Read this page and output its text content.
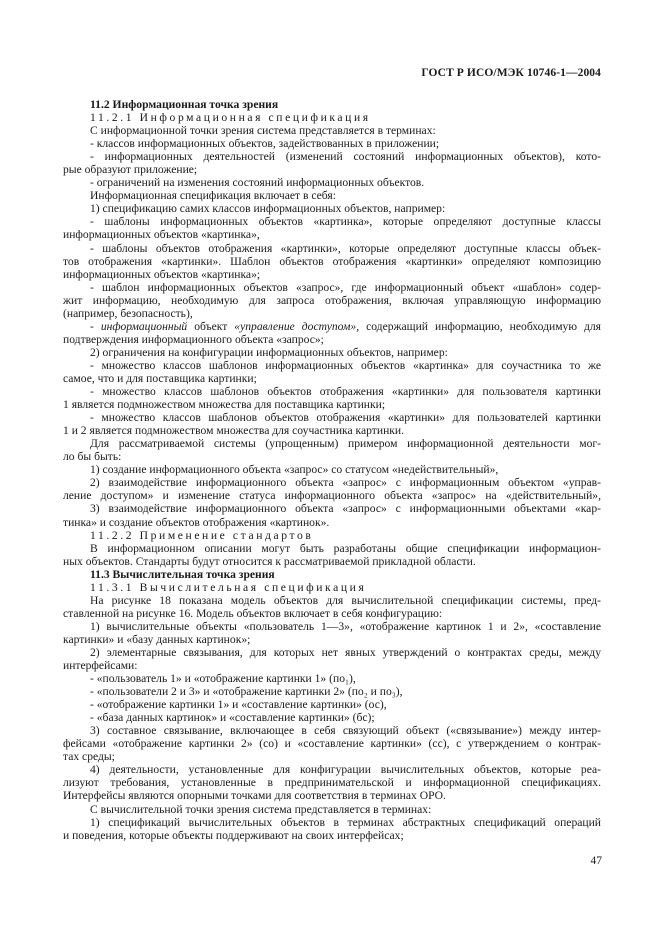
ГОСТ Р ИСО/МЭК 10746-1—2004
11.2 Информационная точка зрения
11.2.1 Информационная спецификация
С информационной точки зрения система представляется в терминах:
- классов информационных объектов, задействованных в приложении;
- информационных деятельностей (изменений состояний информационных объектов), кото-
рые образуют приложение;
- ограничений на изменения состояний информационных объектов.
Информационная спецификация включает в себя:
1) спецификацию самих классов информационных объектов, например:
- шаблоны информационных объектов «картинка», которые определяют доступные классы
информационных объектов «картинка»,
- шаблоны объектов отображения «картинки», которые определяют доступные классы объек-
тов отображения «картинки». Шаблон объектов отображения «картинки» определяют композицию
информационных объектов «картинка»;
- шаблон информационных объектов «запрос», где информационный объект «шаблон» содер-
жит информацию, необходимую для запроса отображения, включая управляющую информацию
(например, безопасность),
- информационный объект «управление доступом», содержащий информацию, необходимую для
подтверждения информационного объекта «запрос»;
2) ограничения на конфигурации информационных объектов, например:
- множество классов шаблонов информационных объектов «картинка» для соучастника то же
самое, что и для поставщика картинки;
- множество классов шаблонов объектов отображения «картинки» для пользователя картинки
1 является подмножеством множества для поставщика картинки;
- множество классов шаблонов объектов отображения «картинки» для пользователей картинки
1 и 2 является подмножеством множества для соучастника картинки.
Для рассматриваемой системы (упрощенным) примером информационной деятельности мог-
ло бы быть:
1) создание информационного объекта «запрос» со статусом «недействительный»,
2) взаимодействие информационного объекта «запрос» с информационным объектом «управ-
ление доступом» и изменение статуса информационного объекта «запрос» на «действительный»,
3) взаимодействие информационного объекта «запрос» с информационными объектами «кар-
тинка» и создание объектов отображения «картинок».
11.2.2 Применение стандартов
В информационном описании могут быть разработаны общие спецификации информацион-
ных объектов. Стандарты будут относится к рассматриваемой прикладной области.
11.3 Вычислительная точка зрения
11.3.1 Вычислительная спецификация
На рисунке 18 показана модель объектов для вычислительной спецификации системы, пред-
ставленной на рисунке 16. Модель объектов включает в себя конфигурацию:
1) вычислительные объекты «пользователь 1—3», «отображение картинок 1 и 2», «составление
картинки» и «базу данных картинок»;
2) элементарные связывания, для которых нет явных утверждений о контрактах среды, между
интерфейсами:
- «пользователь 1» и «отображение картинки 1» (по₁),
- «пользователи 2 и 3» и «отображение картинки 2» (по₂ и по₃),
- «отображение картинки 1» и «составление картинки» (ос),
- «база данных картинок» и «составление картинки» (бс);
3) составное связывание, включающее в себя связующий объект («связывание») между интер-
фейсами «отображение картинки 2» (со) и «составление картинки» (сс), с утверждением о контрак-
тах среды;
4) деятельности, установленные для конфигурации вычислительных объектов, которые реа-
лизуют требования, установленные в предпринимательской и информационной спецификациях.
Интерфейсы являются опорными точками для соответствия в терминах ОРО.
С вычислительной точки зрения система представляется в терминах:
1) спецификаций вычислительных объектов в терминах абстрактных спецификаций операций
и поведения, которые объекты поддерживают на своих интерфейсах;
47
